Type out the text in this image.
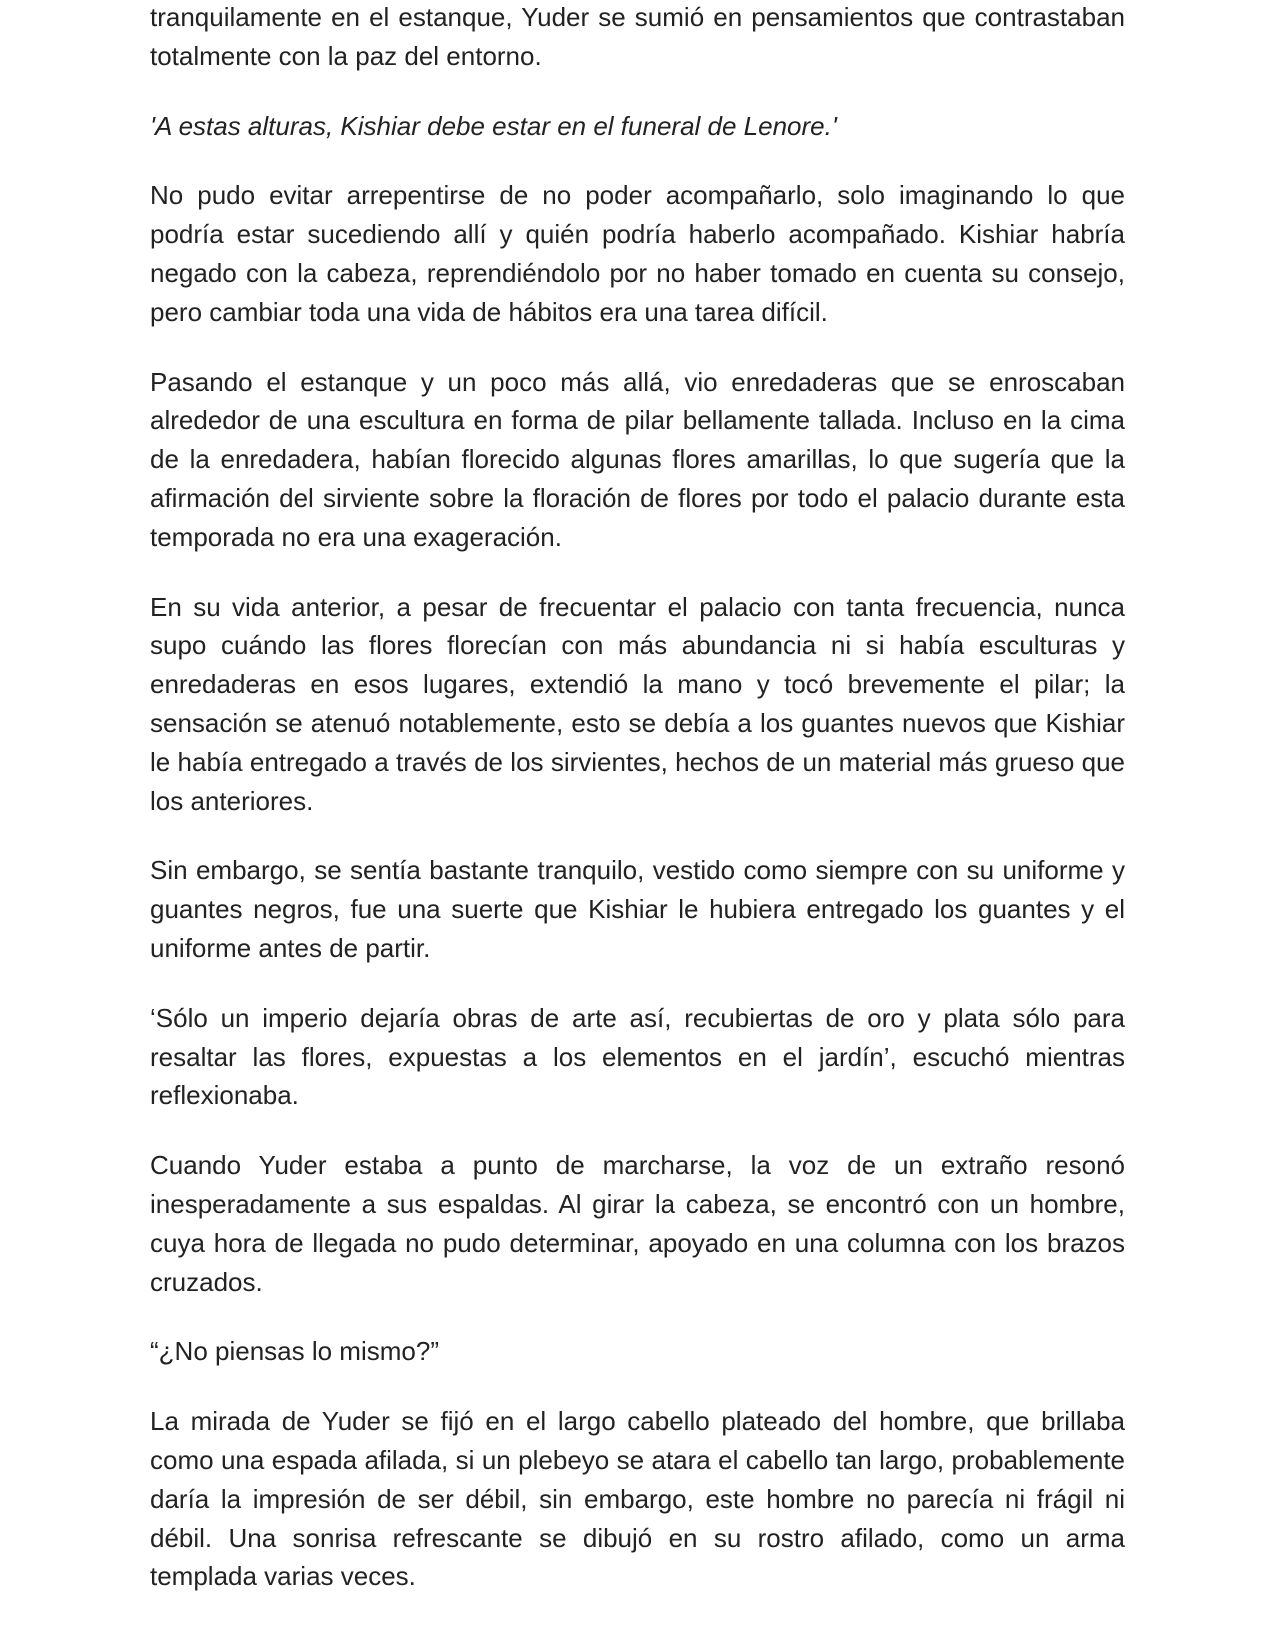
tranquilamente en el estanque, Yuder se sumió en pensamientos que contrastaban totalmente con la paz del entorno.

'A estas alturas, Kishiar debe estar en el funeral de Lenore.'

No pudo evitar arrepentirse de no poder acompañarlo, solo imaginando lo que podría estar sucediendo allí y quién podría haberlo acompañado. Kishiar habría negado con la cabeza, reprendiéndolo por no haber tomado en cuenta su consejo, pero cambiar toda una vida de hábitos era una tarea difícil.

Pasando el estanque y un poco más allá, vio enredaderas que se enroscaban alrededor de una escultura en forma de pilar bellamente tallada. Incluso en la cima de la enredadera, habían florecido algunas flores amarillas, lo que sugería que la afirmación del sirviente sobre la floración de flores por todo el palacio durante esta temporada no era una exageración.

En su vida anterior, a pesar de frecuentar el palacio con tanta frecuencia, nunca supo cuándo las flores florecían con más abundancia ni si había esculturas y enredaderas en esos lugares, extendió la mano y tocó brevemente el pilar; la sensación se atenuó notablemente, esto se debía a los guantes nuevos que Kishiar le había entregado a través de los sirvientes, hechos de un material más grueso que los anteriores.

Sin embargo, se sentía bastante tranquilo, vestido como siempre con su uniforme y guantes negros, fue una suerte que Kishiar le hubiera entregado los guantes y el uniforme antes de partir.

‘Sólo un imperio dejaría obras de arte así, recubiertas de oro y plata sólo para resaltar las flores, expuestas a los elementos en el jardín’, escuchó mientras reflexionaba.

Cuando Yuder estaba a punto de marcharse, la voz de un extraño resonó inesperadamente a sus espaldas. Al girar la cabeza, se encontró con un hombre, cuya hora de llegada no pudo determinar, apoyado en una columna con los brazos cruzados.

“¿No piensas lo mismo?”

La mirada de Yuder se fijó en el largo cabello plateado del hombre, que brillaba como una espada afilada, si un plebeyo se atara el cabello tan largo, probablemente daría la impresión de ser débil, sin embargo, este hombre no parecía ni frágil ni débil. Una sonrisa refrescante se dibujó en su rostro afilado, como un arma templada varias veces.
